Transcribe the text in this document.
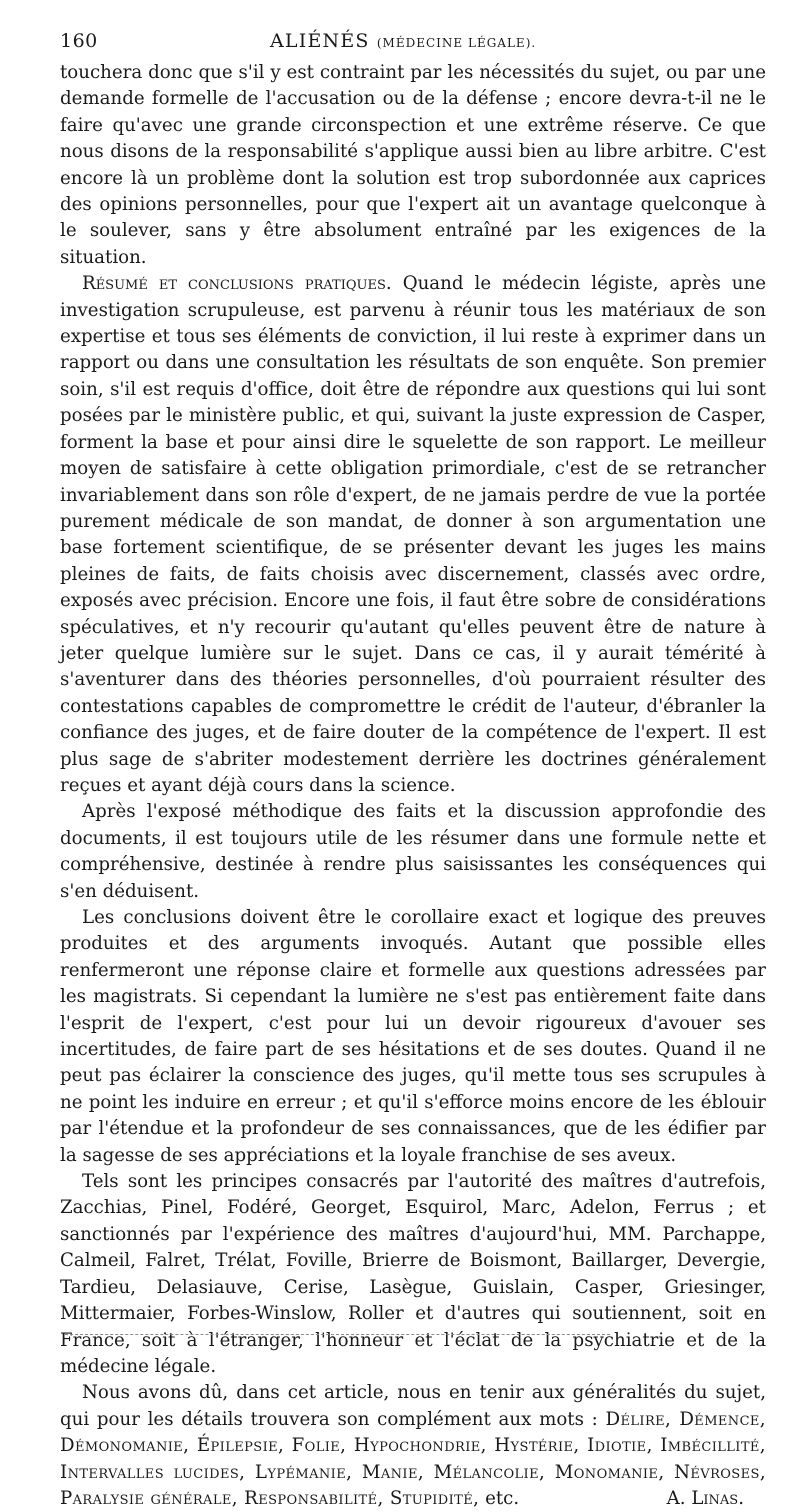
160	ALIÉNÉS (MÉDECINE LÉGALE).

touchera donc que s'il y est contraint par les nécessités du sujet, ou par une demande formelle de l'accusation ou de la défense ; encore devra-t-il ne le faire qu'avec une grande circonspection et une extrême réserve. Ce que nous disons de la responsabilité s'applique aussi bien au libre arbitre. C'est encore là un problème dont la solution est trop subordonnée aux caprices des opinions personnelles, pour que l'expert ait un avantage quelconque à le soulever, sans y être absolument entraîné par les exigences de la situation.

Résumé et conclusions pratiques. Quand le médecin légiste, après une investigation scrupuleuse, est parvenu à réunir tous les matériaux de son expertise et tous ses éléments de conviction, il lui reste à exprimer dans un rapport ou dans une consultation les résultats de son enquête. Son premier soin, s'il est requis d'office, doit être de répondre aux questions qui lui sont posées par le ministère public, et qui, suivant la juste expression de Casper, forment la base et pour ainsi dire le squelette de son rapport. Le meilleur moyen de satisfaire à cette obligation primordiale, c'est de se retrancher invariablement dans son rôle d'expert, de ne jamais perdre de vue la portée purement médicale de son mandat, de donner à son argumentation une base fortement scientifique, de se présenter devant les juges les mains pleines de faits, de faits choisis avec discernement, classés avec ordre, exposés avec précision. Encore une fois, il faut être sobre de considérations spéculatives, et n'y recourir qu'autant qu'elles peuvent être de nature à jeter quelque lumière sur le sujet. Dans ce cas, il y aurait témérité à s'aventurer dans des théories personnelles, d'où pourraient résulter des contestations capables de compromettre le crédit de l'auteur, d'ébranler la confiance des juges, et de faire douter de la compétence de l'expert. Il est plus sage de s'abriter modestement derrière les doctrines généralement reçues et ayant déjà cours dans la science.

Après l'exposé méthodique des faits et la discussion approfondie des documents, il est toujours utile de les résumer dans une formule nette et compréhensive, destinée à rendre plus saisissantes les conséquences qui s'en déduisent.

Les conclusions doivent être le corollaire exact et logique des preuves produites et des arguments invoqués. Autant que possible elles renfermeront une réponse claire et formelle aux questions adressées par les magistrats. Si cependant la lumière ne s'est pas entièrement faite dans l'esprit de l'expert, c'est pour lui un devoir rigoureux d'avouer ses incertitudes, de faire part de ses hésitations et de ses doutes. Quand il ne peut pas éclairer la conscience des juges, qu'il mette tous ses scrupules à ne point les induire en erreur ; et qu'il s'efforce moins encore de les éblouir par l'étendue et la profondeur de ses connaissances, que de les édifier par la sagesse de ses appréciations et la loyale franchise de ses aveux.

Tels sont les principes consacrés par l'autorité des maîtres d'autrefois, Zacchias, Pinel, Fodéré, Georget, Esquirol, Marc, Adelon, Ferrus ; et sanctionnés par l'expérience des maîtres d'aujourd'hui, MM. Parchappe, Calmeil, Falret, Trélat, Foville, Brierre de Boismont, Baillarger, Devergie, Tardieu, Delasiauve, Cerise, Lasègue, Guislain, Casper, Griesinger, Mittermaier, Forbes-Winslow, Roller et d'autres qui soutiennent, soit en France, soit à l'étranger, l'honneur et l'éclat de la psychiatrie et de la médecine légale.

Nous avons dû, dans cet article, nous en tenir aux généralités du sujet, qui pour les détails trouvera son complément aux mots : Délire, Démence, Démonomanie, Épilepsie, Folie, Hypochondrie, Hystérie, Idiotie, Imbécillité, Intervalles lucides, Lypémanie, Manie, Mélancolie, Monomanie, Névroses, Paralysie générale, Responsabilité, Stupidité, etc.	A. Linas.
